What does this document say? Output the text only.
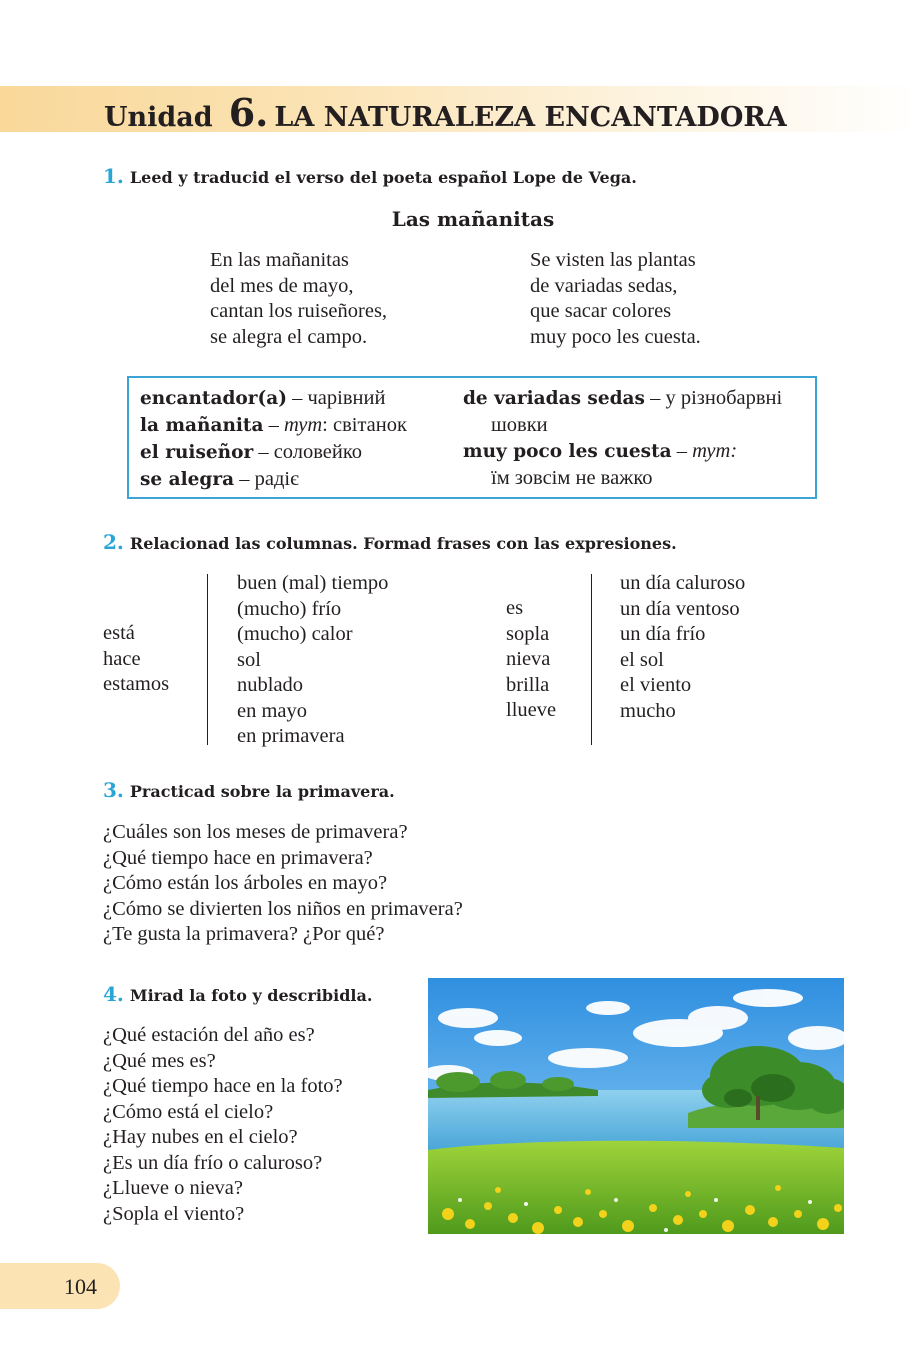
Unidad 6. LA NATURALEZA ENCANTADORA
1. Leed y traducid el verso del poeta español Lope de Vega.
Las mañanitas
En las mañanitas
del mes de mayo,
cantan los ruiseñores,
se alegra el campo.
Se visten las plantas
de variadas sedas,
que sacar colores
muy poco les cuesta.
encantador(a) – чарівний
la mañanita – тут: світанок
el ruiseñor – соловейко
se alegra – радіє
de variadas sedas – у різнобарвні
шовки
muy poco les cuesta – тут:
їм зовсім не важко
2. Relacionad las columnas. Formad frases con las expresiones.
está
hace
estamos
buen (mal) tiempo
(mucho) frío
(mucho) calor
sol
nublado
en mayo
en primavera
es
sopla
nieva
brilla
llueve
un día caluroso
un día ventoso
un día frío
el sol
el viento
mucho
3. Practicad sobre la primavera.
¿Cuáles son los meses de primavera?
¿Qué tiempo hace en primavera?
¿Cómo están los árboles en mayo?
¿Cómo se divierten los niños en primavera?
¿Te gusta la primavera? ¿Por qué?
4. Mirad la foto y describidla.
¿Qué estación del año es?
¿Qué mes es?
¿Qué tiempo hace en la foto?
¿Cómo está el cielo?
¿Hay nubes en el cielo?
¿Es un día frío o caluroso?
¿Llueve o nieva?
¿Sopla el viento?
104
